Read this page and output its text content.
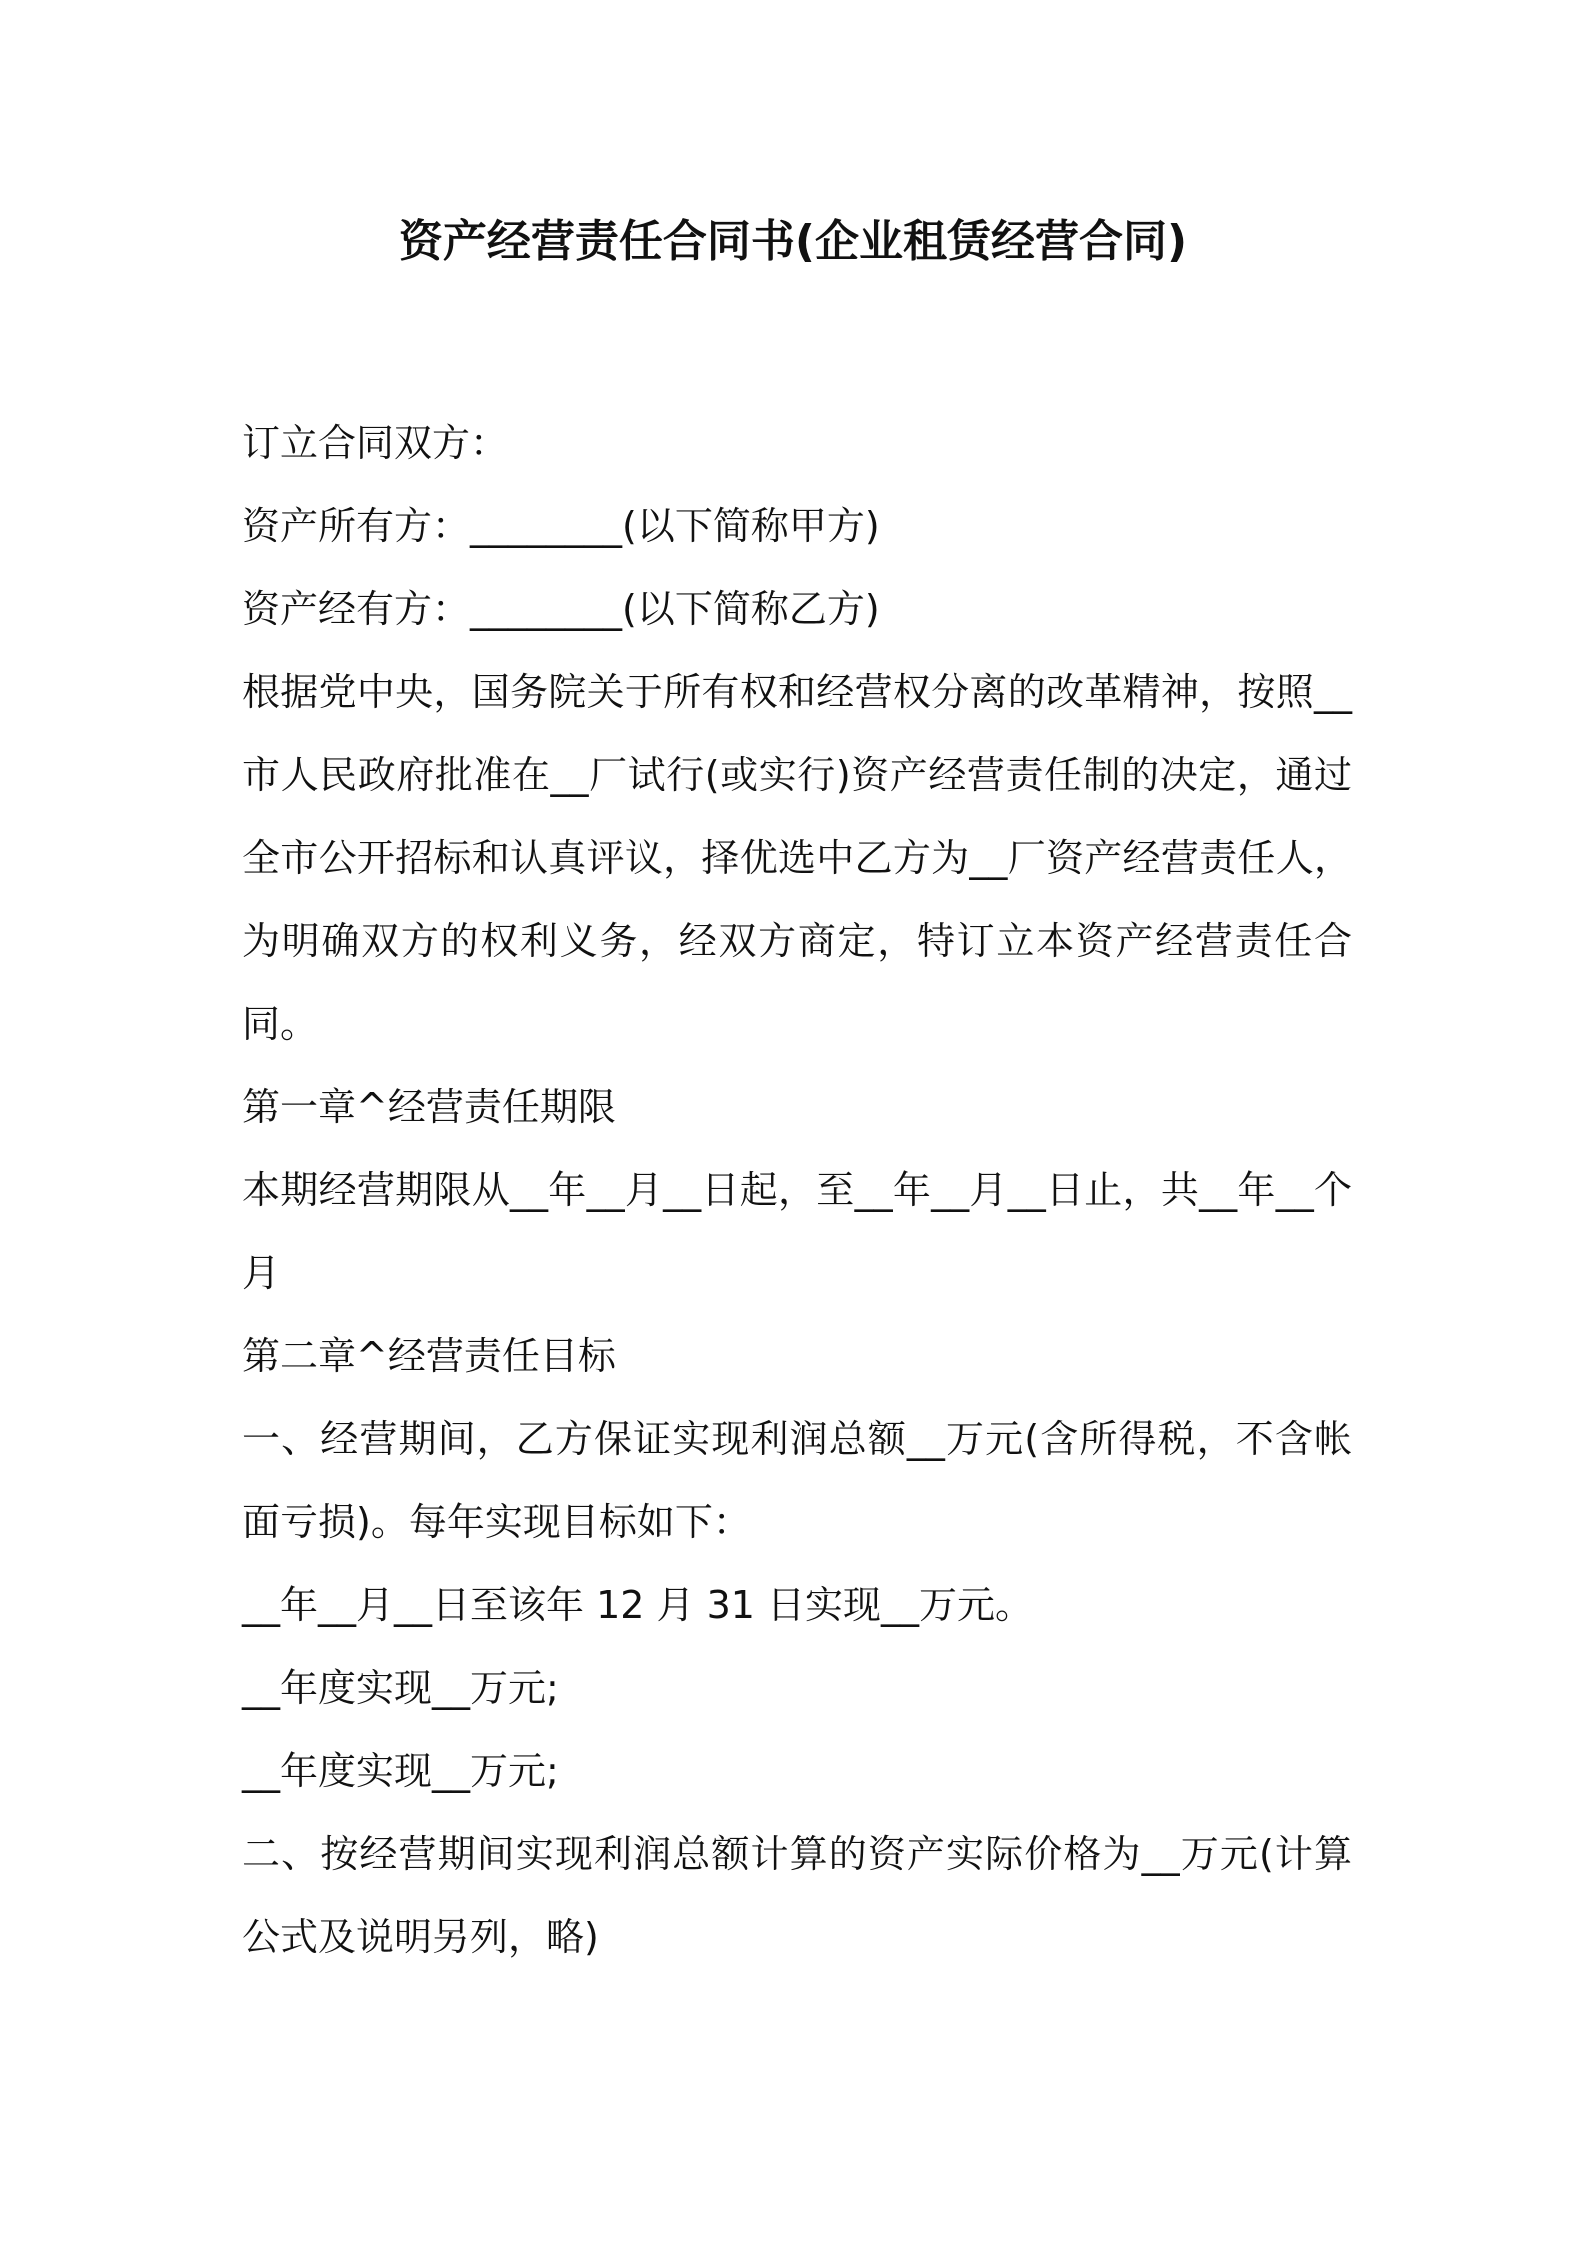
资产经营责任合同书(企业租赁经营合同)

订立合同双方：

资产所有方：________(以下简称甲方)

资产经有方：________(以下简称乙方)

根据党中央，国务院关于所有权和经营权分离的改革精神，按照__市人民政府批准在__厂试行(或实行)资产经营责任制的决定，通过全市公开招标和认真评议，择优选中乙方为__厂资产经营责任人，为明确双方的权利义务，经双方商定，特订立本资产经营责任合同。

第一章^经营责任期限

本期经营期限从__年__月__日起，至__年__月__日止，共__年__个月

第二章^经营责任目标

一、经营期间，乙方保证实现利润总额__万元(含所得税，不含帐面亏损)。每年实现目标如下：

__年__月__日至该年 12 月 31 日实现__万元。

__年度实现__万元;

__年度实现__万元;

二、按经营期间实现利润总额计算的资产实际价格为__万元(计算公式及说明另列，略)
